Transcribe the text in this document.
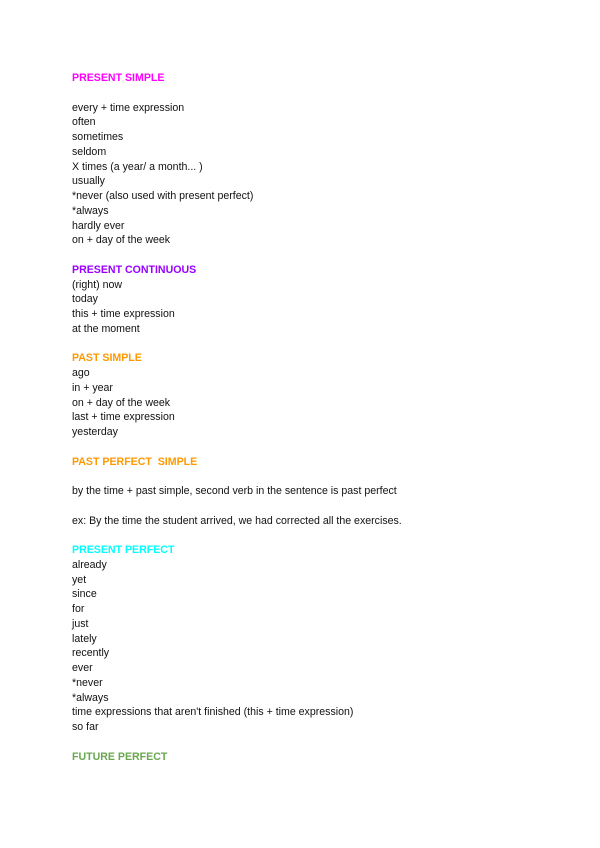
PRESENT SIMPLE
every + time expression
often
sometimes
seldom
X times (a year/ a month... )
usually
*never (also used with present perfect)
*always
hardly ever
on + day of the week
PRESENT CONTINUOUS
(right) now
today
this + time expression
at the moment
PAST SIMPLE
ago
in + year
on + day of the week
last + time expression
yesterday
PAST PERFECT  SIMPLE
by the time + past simple, second verb in the sentence is past perfect
ex: By the time the student arrived, we had corrected all the exercises.
PRESENT PERFECT
already
yet
since
for
just
lately
recently
ever
*never
*always
time expressions that aren't finished (this + time expression)
so far
FUTURE PERFECT
